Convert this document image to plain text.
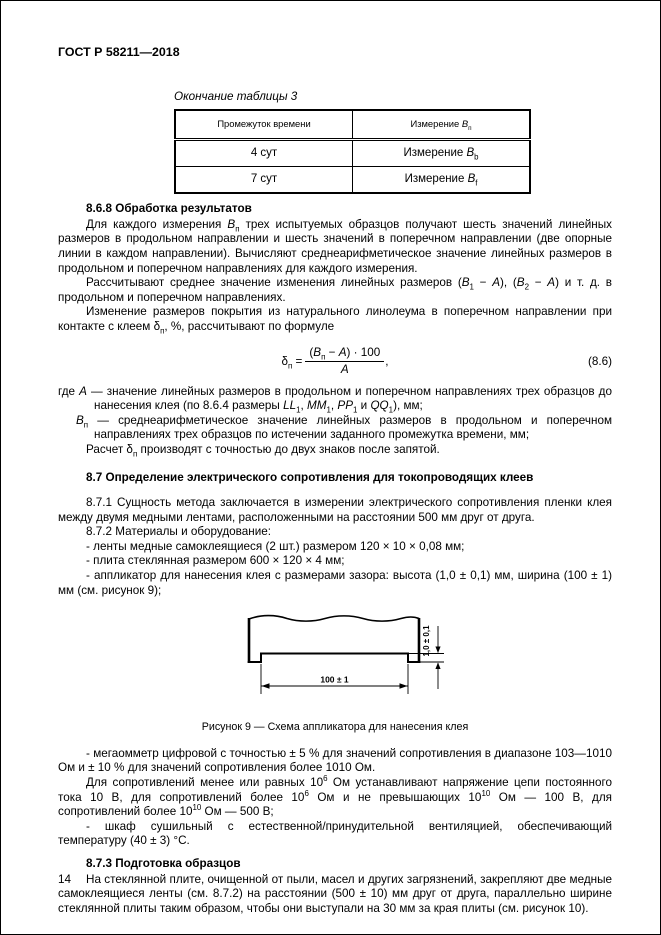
ГОСТ Р 58211—2018
Окончание таблицы 3
Промежуток времени	Измерение $B_п$
4 сут	Измерение $B_b$
7 сут	Измерение $B_f$
8.6.8 Обработка результатов

Для каждого измерения $B_п$ трех испытуемых образцов получают шесть значений линейных размеров в продольном направлении и шесть значений в поперечном направлении (две опорные линии в каждом направлении). Вычисляют среднеарифметическое значение линейных размеров в продольном и поперечном направлениях для каждого измерения.

Рассчитывают среднее значение изменения линейных размеров $(B_1 - A)$, $(B_2 - A)$ и т. д. в продольном и поперечном направлениях.

Изменение размеров покрытия из натурального линолеума в поперечном направлении при контакте с клеем $\delta_п$, %, рассчитывают по формуле

$\delta_п = \frac{(B_п - A) \cdot 100}{A}$ ,	(8.6)
где A — значение линейных размеров в продольном и поперечном направлениях трех образцов до нанесения клея (по 8.6.4 размеры $LL_1$, $MM_1$, $PP_1$ и $QQ_1$), мм;
$B_п$ — среднеарифметическое значение линейных размеров в продольном и поперечном направлениях трех образцов по истечении заданного промежутка времени, мм;

Расчет $\delta_п$ производят с точностью до двух знаков после запятой.

8.7 Определение электрического сопротивления для токопроводящих клеев

8.7.1 Сущность метода заключается в измерении электрического сопротивления пленки клея между двумя медными лентами, расположенными на расстоянии 500 мм друг от друга.

8.7.2 Материалы и оборудование:

- ленты медные самоклеящиеся (2 шт.) размером 120 × 10 × 0,08 мм;

- плита стеклянная размером 600 × 120 × 4 мм;

- аппликатор для нанесения клея с размерами зазора: высота (1,0 ± 0,1) мм, ширина (100 ± 1) мм (см. рисунок 9);

1,0 ± 0,1
100 ± 1
Рисунок 9 — Схема аппликатора для нанесения клея

- мегаомметр цифровой с точностью ± 5 % для значений сопротивления в диапазоне 103—1010 Ом и ± 10 % для значений сопротивления более 1010 Ом.

Для сопротивлений менее или равных $10^6$ Ом устанавливают напряжение цепи постоянного тока 10 В, для сопротивлений более $10^6$ Ом и не превышающих $10^{10}$ Ом — 100 В, для сопротивлений более $10^{10}$ Ом — 500 В;

- шкаф сушильный с естественной/принудительной вентиляцией, обеспечивающий температуру (40 ± 3) °С.

8.7.3 Подготовка образцов

На стеклянной плите, очищенной от пыли, масел и других загрязнений, закрепляют две медные самоклеящиеся ленты (см. 8.7.2) на расстоянии (500 ± 10) мм друг от друга, параллельно ширине стеклянной плиты таким образом, чтобы они выступали на 30 мм за края плиты (см. рисунок 10).

14
